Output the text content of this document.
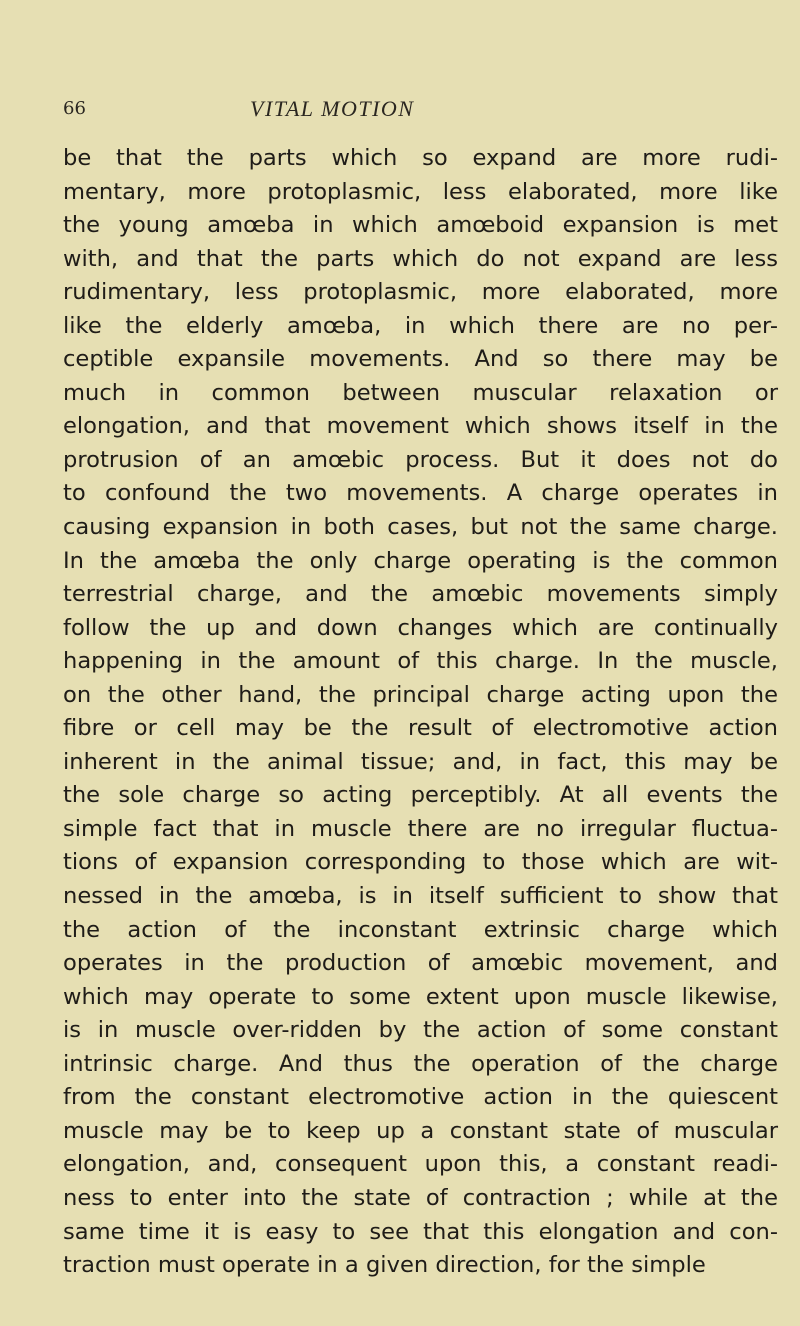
66	VITAL MOTION
be that the parts which so expand are more rudi-
mentary, more protoplasmic, less elaborated, more like
the young amœba in which amœboid expansion is met
with, and that the parts which do not expand are less
rudimentary, less protoplasmic, more elaborated, more
like the elderly amœba, in which there are no per-
ceptible expansile movements. And so there may be
much in common between muscular relaxation or
elongation, and that movement which shows itself in the
protrusion of an amœbic process. But it does not do
to confound the two movements. A charge operates in
causing expansion in both cases, but not the same charge.
In the amœba the only charge operating is the common
terrestrial charge, and the amœbic movements simply
follow the up and down changes which are continually
happening in the amount of this charge. In the muscle,
on the other hand, the principal charge acting upon the
fibre or cell may be the result of electromotive action
inherent in the animal tissue; and, in fact, this may be
the sole charge so acting perceptibly. At all events the
simple fact that in muscle there are no irregular fluctua-
tions of expansion corresponding to those which are wit-
nessed in the amœba, is in itself sufficient to show that
the action of the inconstant extrinsic charge which
operates in the production of amœbic movement, and
which may operate to some extent upon muscle likewise,
is in muscle over-ridden by the action of some constant
intrinsic charge. And thus the operation of the charge
from the constant electromotive action in the quiescent
muscle may be to keep up a constant state of muscular
elongation, and, consequent upon this, a constant readi-
ness to enter into the state of contraction ; while at the
same time it is easy to see that this elongation and con-
traction must operate in a given direction, for the simple
